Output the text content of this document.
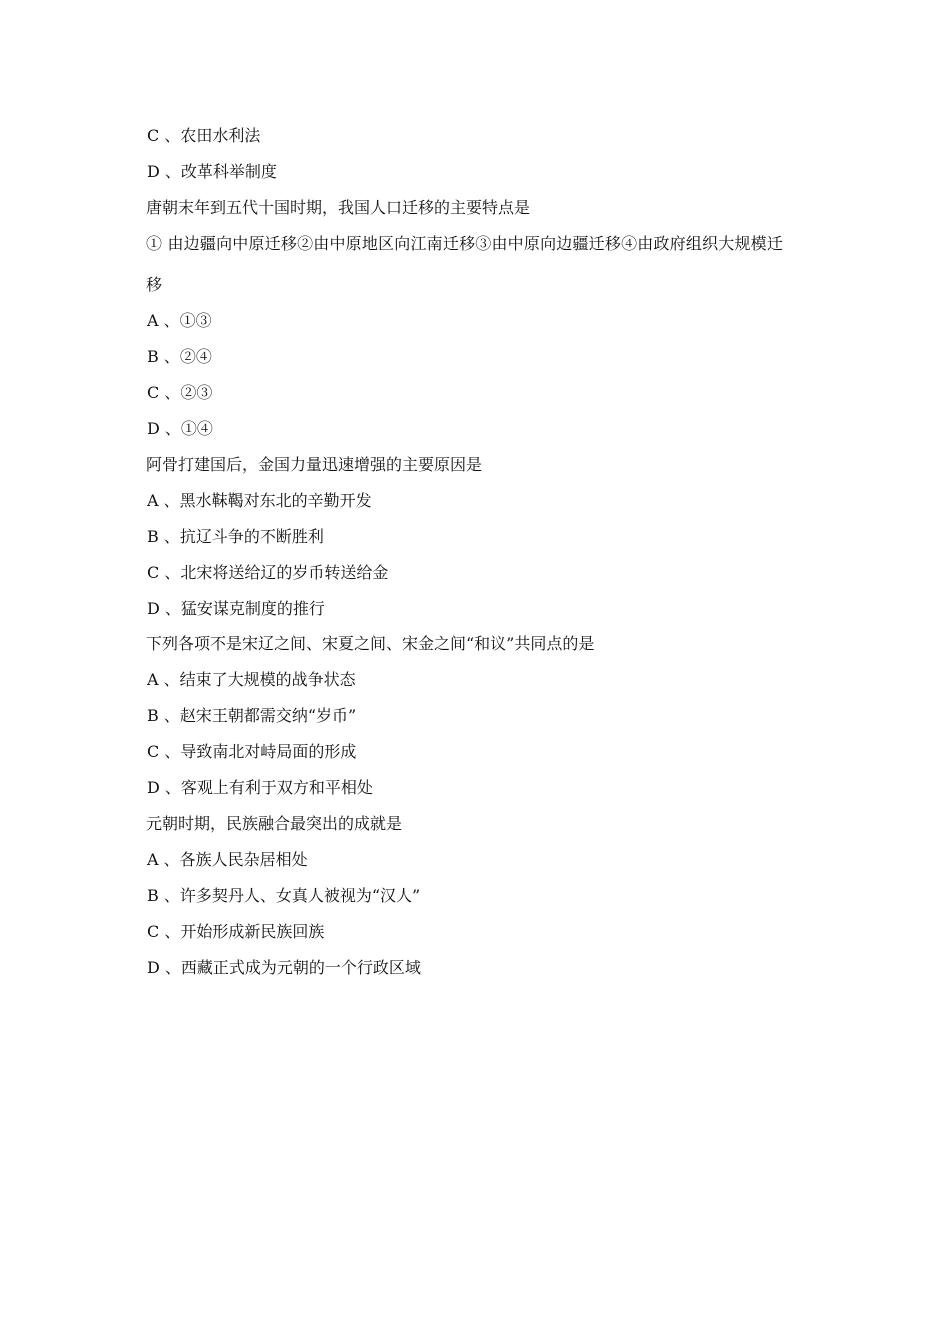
C 、农田水利法
D 、改革科举制度
唐朝末年到五代十国时期，我国人口迁移的主要特点是
① 由边疆向中原迁移②由中原地区向江南迁移③由中原向边疆迁移④由政府组织大规模迁
移
A 、①③
B 、②④
C 、②③
D 、①④
阿骨打建国后，金国力量迅速增强的主要原因是
A 、黑水靺鞨对东北的辛勤开发
B 、抗辽斗争的不断胜利
C 、北宋将送给辽的岁币转送给金
D 、猛安谋克制度的推行
下列各项不是宋辽之间、宋夏之间、宋金之间“和议”共同点的是
A 、结束了大规模的战争状态
B 、赵宋王朝都需交纳“岁币”
C 、导致南北对峙局面的形成
D 、客观上有利于双方和平相处
元朝时期，民族融合最突出的成就是
A 、各族人民杂居相处
B 、许多契丹人、女真人被视为“汉人”
C 、开始形成新民族回族
D 、西藏正式成为元朝的一个行政区域
